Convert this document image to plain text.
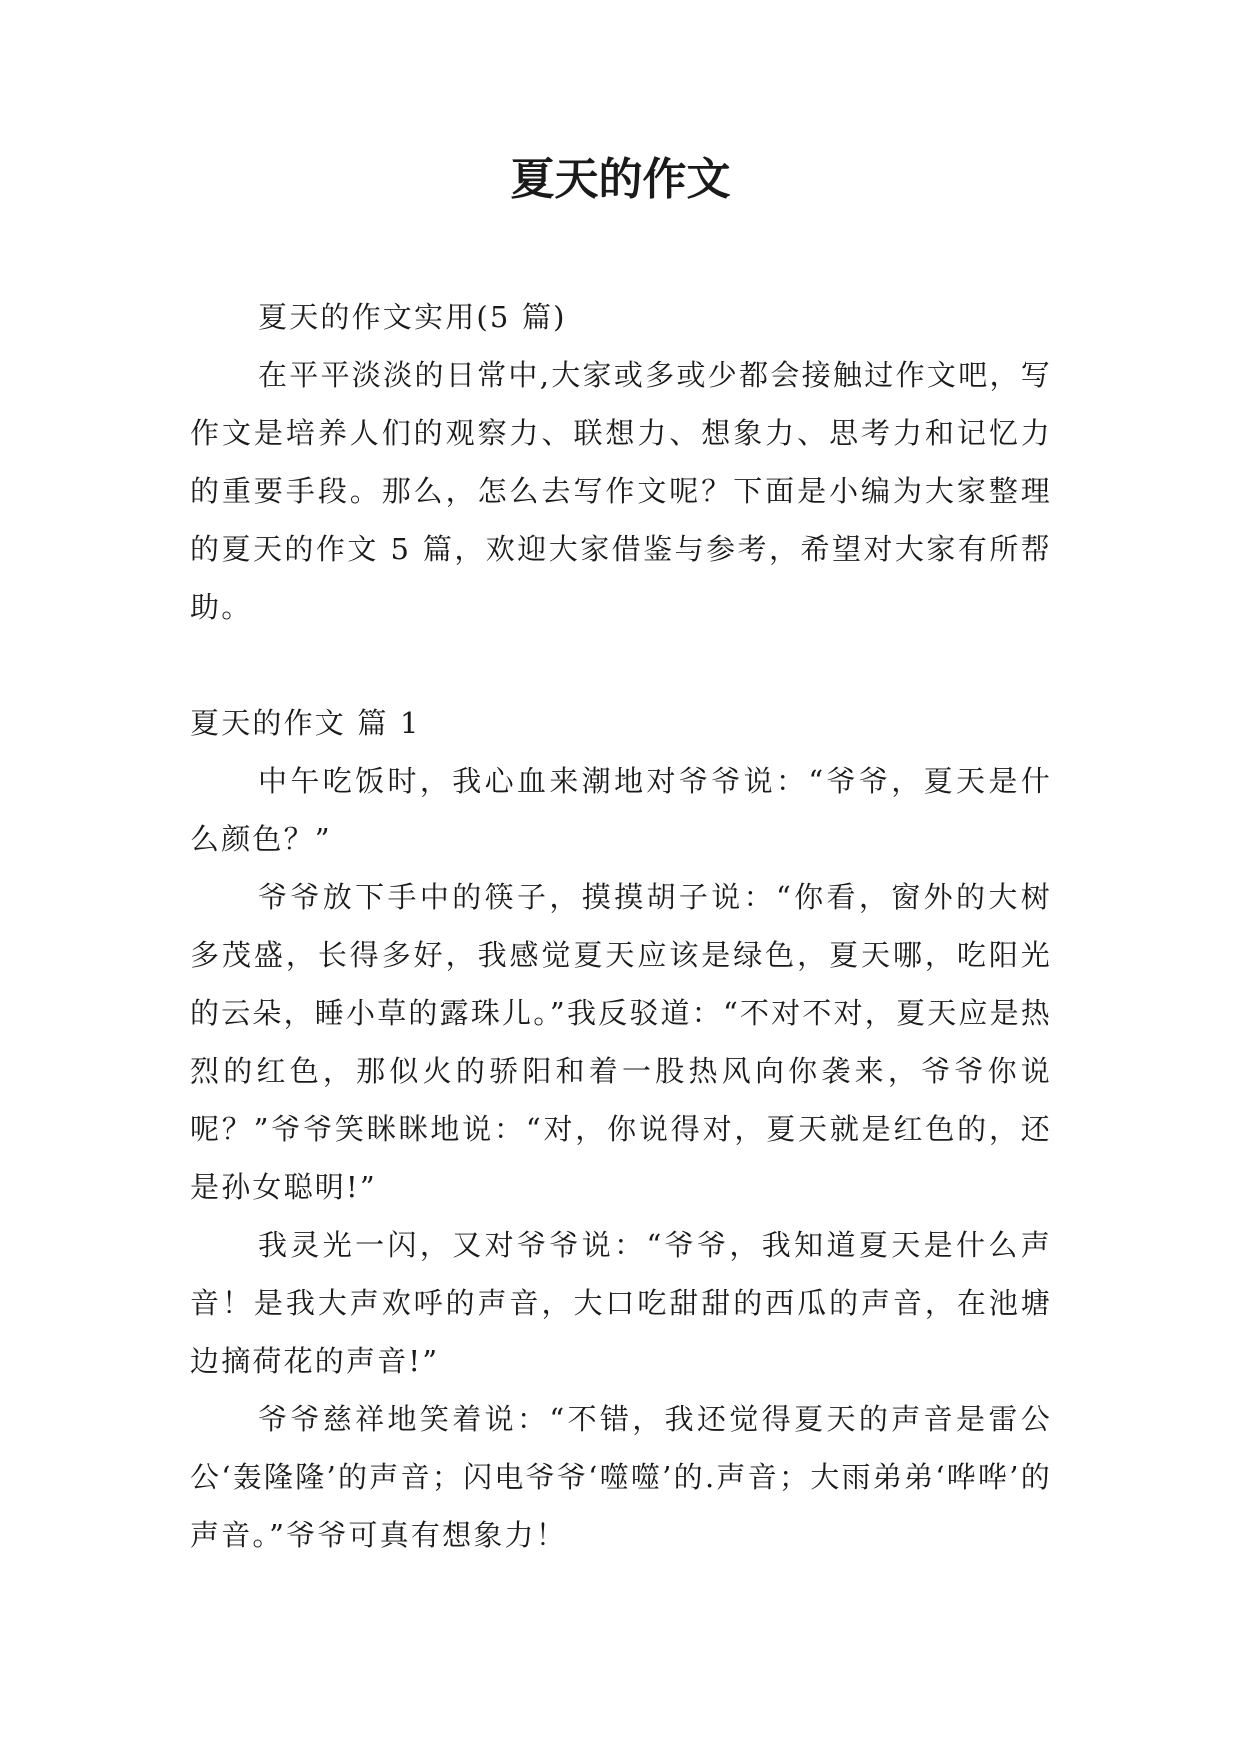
夏天的作文

夏天的作文实用(5 篇)

在平平淡淡的日常中,大家或多或少都会接触过作文吧，写作文是培养人们的观察力、联想力、想象力、思考力和记忆力的重要手段。那么，怎么去写作文呢？下面是小编为大家整理的夏天的作文 5 篇，欢迎大家借鉴与参考，希望对大家有所帮助。

夏天的作文 篇 1

中午吃饭时，我心血来潮地对爷爷说：“爷爷，夏天是什么颜色？”

爷爷放下手中的筷子，摸摸胡子说：“你看，窗外的大树多茂盛，长得多好，我感觉夏天应该是绿色，夏天哪，吃阳光的云朵，睡小草的露珠儿。”我反驳道：“不对不对，夏天应是热烈的红色，那似火的骄阳和着一股热风向你袭来，爷爷你说呢？”爷爷笑眯眯地说：“对，你说得对，夏天就是红色的，还是孙女聪明!”

我灵光一闪，又对爷爷说：“爷爷，我知道夏天是什么声音！是我大声欢呼的声音，大口吃甜甜的西瓜的声音，在池塘边摘荷花的声音!”

爷爷慈祥地笑着说：“不错，我还觉得夏天的声音是雷公公‘轰隆隆’的声音；闪电爷爷‘噬噬’的.声音；大雨弟弟‘哗哗’的声音。”爷爷可真有想象力！
